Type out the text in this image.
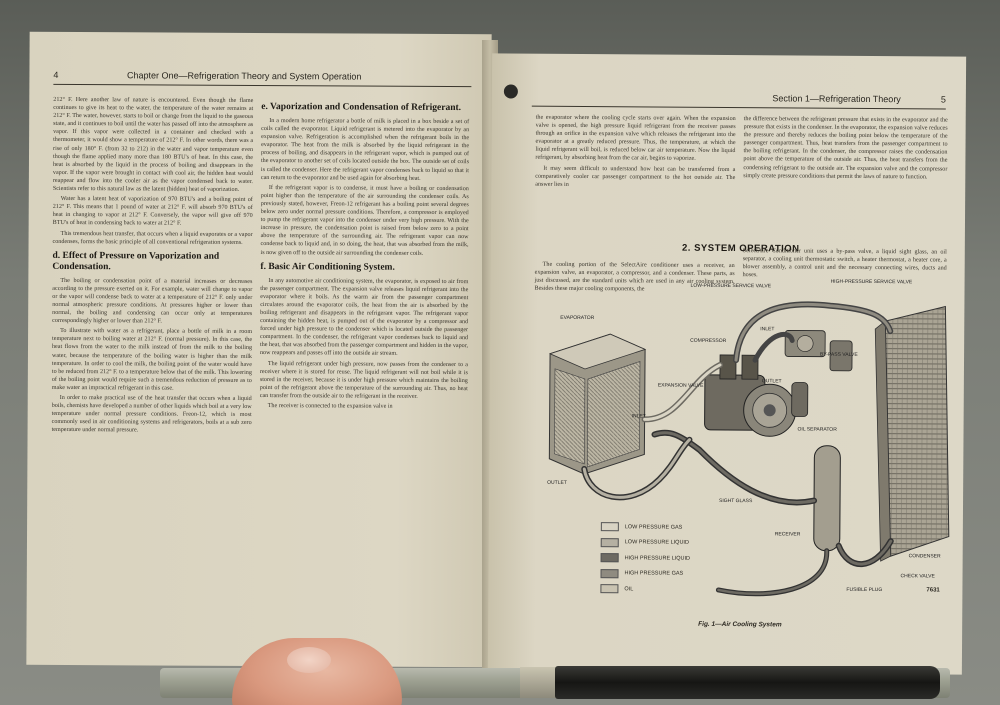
4	Chapter One—Refrigeration Theory and System Operation

212° F. Here another law of nature is encountered. Even though the flame continues to give its heat to the water, the temperature of the water remains at 212° F. The water, however, starts to boil or change from the liquid to the gaseous state, and it continues to boil until the water has passed off into the atmosphere as vapor. If this vapor were collected in a container and checked with a thermometer, it would show a temperature of 212° F. In other words, there was a rise of only 180° F. (from 32 to 212) in the water and vapor temperature even though the flame applied many more than 180 BTU's of heat. In this case, the heat is absorbed by the liquid in the process of boiling and disappears in the vapor. If the vapor were brought in contact with cool air, the hidden heat would reappear and flow into the cooler air as the vapor condensed back to water. Scientists refer to this natural law as the latent (hidden) heat of vaporization.

Water has a latent heat of vaporization of 970 BTU's and a boiling point of 212° F. This means that 1 pound of water at 212° F. will absorb 970 BTU's of heat in changing to vapor at 212° F. Conversely, the vapor will give off 970 BTU's of heat in condensing back to water at 212° F.

This tremendous heat transfer, that occurs when a liquid evaporates or a vapor condenses, forms the basic principle of all conventional refrigeration systems.

d. Effect of Pressure on Vaporization and Condensation.

The boiling or condensation point of a material increases or decreases according to the pressure exerted on it. For example, water will change to vapor or the vapor will condense back to water at a temperature of 212° F. only under normal atmospheric pressure conditions. At pressures higher or lower than normal, the boiling and condensing can occur only at temperatures correspondingly higher or lower than 212° F.

To illustrate with water as a refrigerant, place a bottle of milk in a room temperature next to boiling water at 212° F. (normal pressure). In this case, the heat flows from the water to the milk instead of from the milk to the boiling water, because the temperature of the boiling water is higher than the milk temperature. In order to cool the milk, the boiling point of the water would have to be reduced from 212° F. to a temperature below that of the milk. This lowering of the boiling point would require such a tremendous reduction of pressure as to make water an impractical refrigerant in this case.

In order to make practical use of the heat transfer that occurs when a liquid boils, chemists have developed a number of other liquids which boil at a very low temperature under normal pressure conditions. Freon-12, which is most commonly used in air conditioning systems and refrigerators, boils at a sub zero temperature under normal pressure.

e. Vaporization and Condensation of Refrigerant.

In a modern home refrigerator a bottle of milk is placed in a box beside a set of coils called the evaporator. Liquid refrigerant is metered into the evaporator by an expansion valve. Refrigeration is accomplished when the refrigerant boils in the evaporator. The heat from the milk is absorbed by the liquid refrigerant in the process of boiling, and disappears in the refrigerant vapor, which is pumped out of the evaporator to another set of coils located outside the box. The outside set of coils is called the condenser. Here the refrigerant vapor condenses back to liquid so that it can return to the evaporator and be used again for absorbing heat.

If the refrigerant vapor is to condense, it must have a boiling or condensation point higher than the temperature of the air surrounding the condenser coils. As previously stated, however, Freon-12 refrigerant has a boiling point several degrees below zero under normal pressure conditions. Therefore, a compressor is employed to pump the refrigerant vapor into the condenser under very high pressure. With the increase in pressure, the condensation point is raised from below zero to a point above the temperature of the surrounding air. The refrigerant vapor can now condense back to liquid and, in so doing, the heat, that was absorbed from the milk, is now given off to the outside air surrounding the condenser coils.

f. Basic Air Conditioning System.

In any automotive air conditioning system, the evaporator, is exposed to air from the passenger compartment. The expansion valve releases liquid refrigerant into the evaporator where it boils. As the warm air from the passenger compartment circulates around the evaporator coils, the heat from the air is absorbed by the boiling refrigerant and disappears in the refrigerant vapor. The refrigerant vapor containing the hidden heat, is pumped out of the evaporator by a compressor and forced under high pressure to the condenser which is located outside the passenger compartment. In the condenser, the refrigerant vapor condenses back to liquid and the heat, that was absorbed from the passenger compartment and hidden in the vapor, now reappears and passes off into the outside air stream.

The liquid refrigerant under high pressure, now passes from the condenser to a receiver where it is stored for reuse. The liquid refrigerant will not boil while it is stored in the receiver, because it is under high pressure which maintains the boiling point of the refrigerant above the temperature of the surrounding air. Thus, no heat can transfer from the outside air to the refrigerant in the receiver.

The receiver is connected to the expansion valve in

Section 1—Refrigeration Theory	5

the evaporator where the cooling cycle starts over again. When the expansion valve is opened, the high pressure liquid refrigerant from the receiver passes through an orifice in the expansion valve which releases the refrigerant into the evaporator at a greatly reduced pressure. Thus, the temperature, at which the liquid refrigerant will boil, is reduced below car air temperature. Now the liquid refrigerant, by absorbing heat from the car air, begins to vaporize.

It may seem difficult to understand how heat can be transferred from a comparatively cooler car passenger compartment to the hot outside air. The answer lies in

the difference between the refrigerant pressure that exists in the evaporator and the pressure that exists in the condenser. In the evaporator, the expansion valve reduces the pressure and thereby reduces the boiling point below the temperature of the passenger compartment. Thus, heat transfers from the passenger compartment to the boiling refrigerant. In the condenser, the compressor raises the condensation point above the temperature of the outside air. Thus, the heat transfers from the condensing refrigerant to the outside air. The expansion valve and the compressor simply create pressure conditions that permit the laws of nature to function.

2. SYSTEM OPERATION

The cooling portion of the SelectAire conditioner uses a receiver, an expansion valve, an evaporator, a compressor, and a condenser. These parts, as just discussed, are the standard units which are used in any air cooling system. Besides these major cooling components, the

SelectAire Conditioner unit uses a by-pass valve, a liquid sight glass, an oil separator, a cooling unit thermostatic switch, a heater thermostat, a heater core, a blower assembly, a control unit and the necessary connecting wires, ducts and hoses.

EVAPORATOR
LOW-PRESSURE SERVICE VALVE
HIGH-PRESSURE SERVICE VALVE
INLET
COMPRESSOR
BY-PASS VALVE
OUTLET
EXPANSION VALVE
INLET
OIL SEPARATOR
OUTLET
SIGHT GLASS
CONDENSER
RECEIVER
CHECK VALVE
FUSIBLE PLUG
LOW PRESSURE GAS
LOW PRESSURE LIQUID
HIGH PRESSURE LIQUID
HIGH PRESSURE GAS
OIL	7631
Fig. 1—Air Cooling System
